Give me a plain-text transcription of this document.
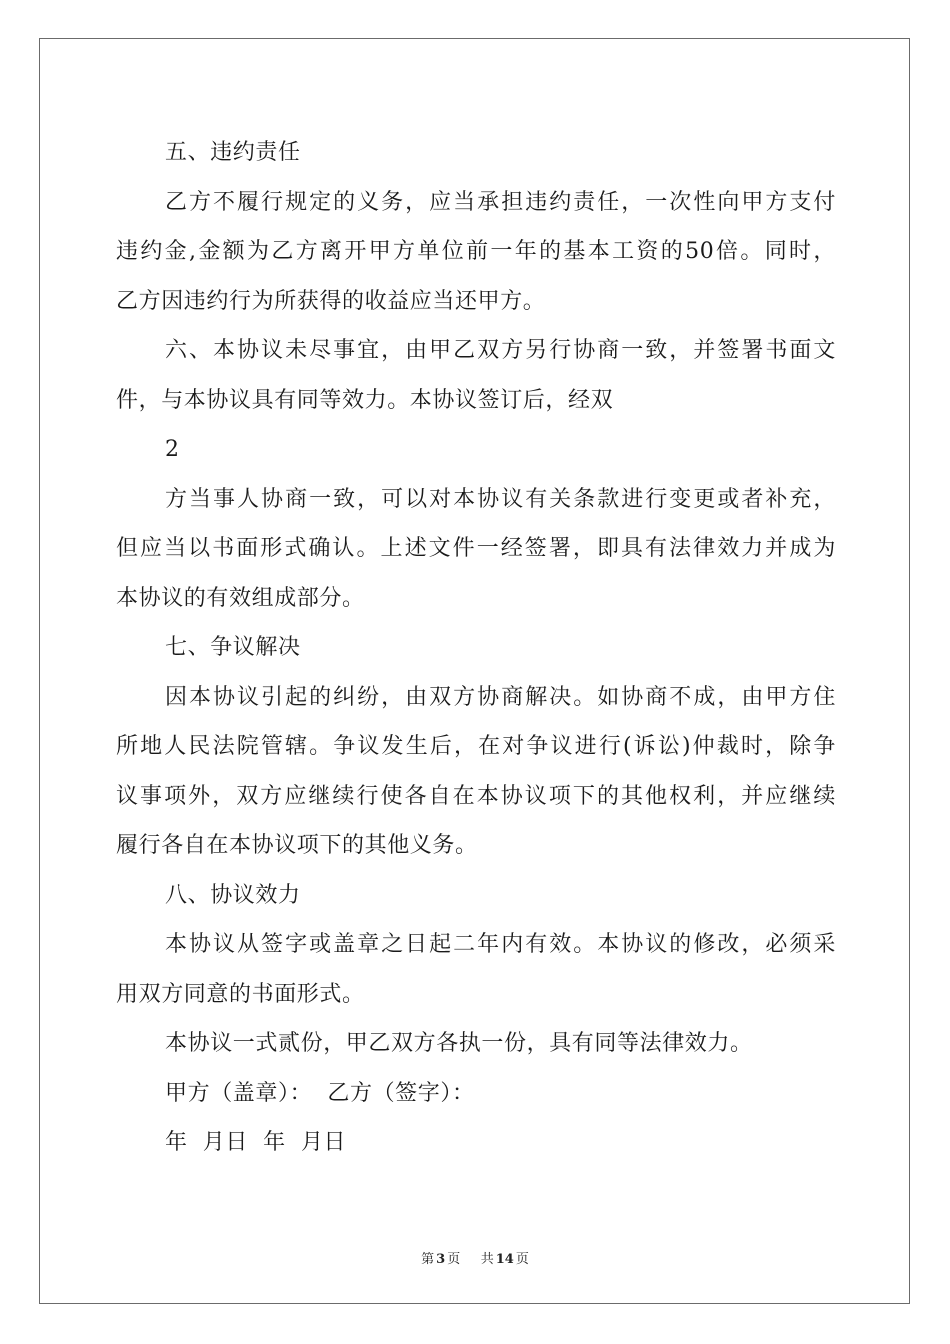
五、违约责任
乙方不履行规定的义务，应当承担违约责任，一次性向甲方支付
违约金,金额为乙方离开甲方单位前一年的基本工资的50倍。同时，
乙方因违约行为所获得的收益应当还甲方。
六、本协议未尽事宜，由甲乙双方另行协商一致，并签署书面文
件，与本协议具有同等效力。本协议签订后，经双
2
方当事人协商一致，可以对本协议有关条款进行变更或者补充，
但应当以书面形式确认。上述文件一经签署，即具有法律效力并成为
本协议的有效组成部分。
七、争议解决
因本协议引起的纠纷，由双方协商解决。如协商不成，由甲方住
所地人民法院管辖。争议发生后，在对争议进行(诉讼)仲裁时，除争
议事项外，双方应继续行使各自在本协议项下的其他权利，并应继续
履行各自在本协议项下的其他义务。
八、协议效力
本协议从签字或盖章之日起二年内有效。本协议的修改，必须采
用双方同意的书面形式。
本协议一式贰份，甲乙双方各执一份，具有同等法律效力。
甲方（盖章）：  乙方（签字）：
年  月日  年  月日
第 3 页 共 14 页
